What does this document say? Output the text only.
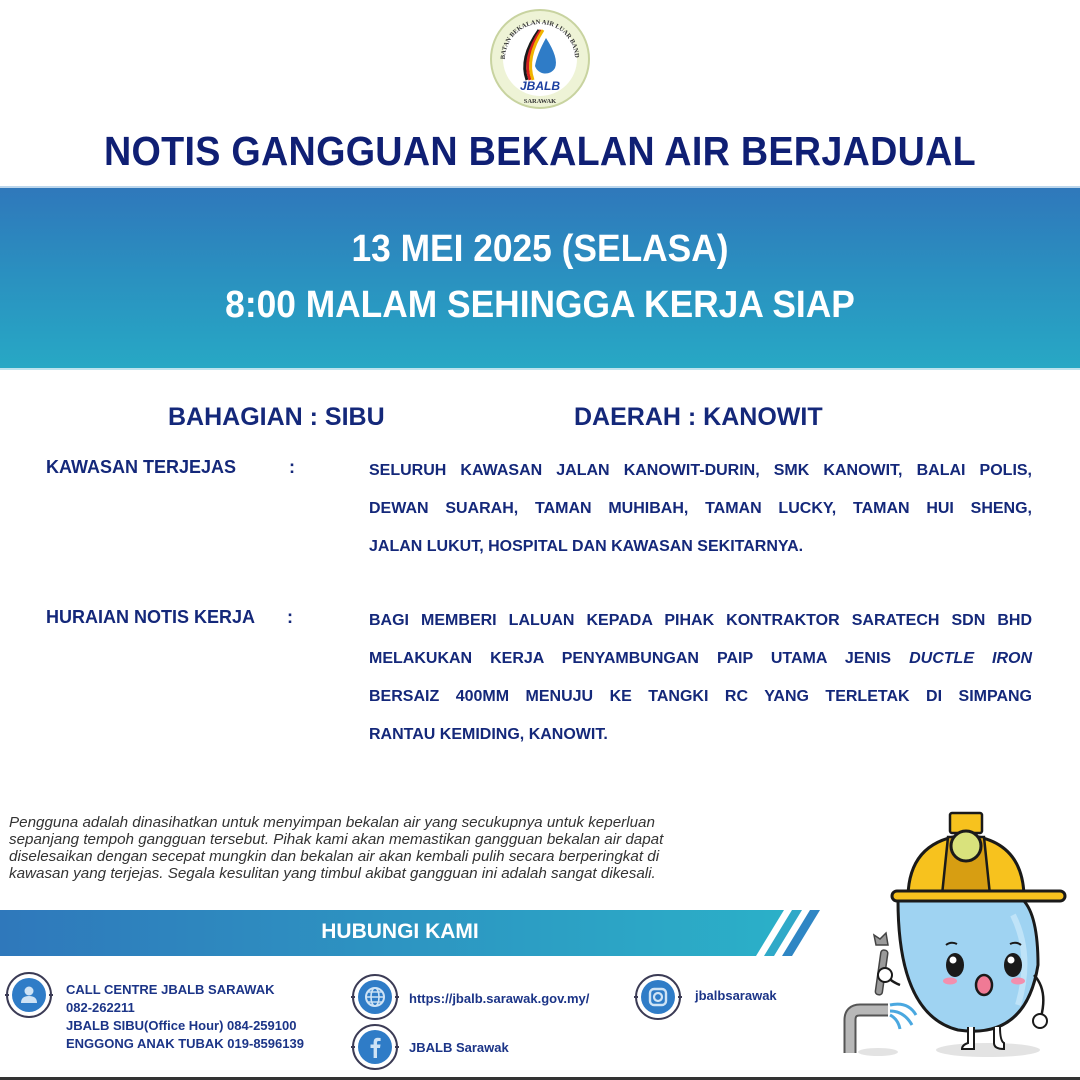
JBALB
BATAN BEKALAN AIR LUAR BAND
SARAWAK
NOTIS GANGGUAN BEKALAN AIR BERJADUAL
13 MEI 2025 (SELASA)
8:00 MALAM SEHINGGA KERJA SIAP
BAHAGIAN : SIBU	DAERAH : KANOWIT
KAWASAN TERJEJAS	:	SELURUH KAWASAN JALAN KANOWIT-DURIN, SMK KANOWIT, BALAI POLIS,
DEWAN SUARAH, TAMAN MUHIBAH, TAMAN LUCKY, TAMAN HUI SHENG,
JALAN LUKUT, HOSPITAL DAN KAWASAN SEKITARNYA.
HURAIAN NOTIS KERJA :	BAGI MEMBERI LALUAN KEPADA PIHAK KONTRAKTOR SARATECH SDN BHD
MELAKUKAN KERJA PENYAMBUNGAN PAIP UTAMA JENIS DUCTLE IRON
BERSAIZ 400MM MENUJU KE TANGKI RC YANG TERLETAK DI SIMPANG
RANTAU KEMIDING, KANOWIT.
Pengguna adalah dinasihatkan untuk menyimpan bekalan air yang secukupnya untuk keperluan
sepanjang tempoh gangguan tersebut. Pihak kami akan memastikan gangguan bekalan air dapat
diselesaikan dengan secepat mungkin dan bekalan air akan kembali pulih secara berperingkat di
kawasan yang terjejas. Segala kesulitan yang timbul akibat gangguan ini adalah sangat dikesali.
HUBUNGI KAMI
CALL CENTRE JBALB SARAWAK
082-262211
JBALB SIBU(Office Hour) 084-259100
ENGGONG ANAK TUBAK 019-8596139
https://jbalb.sarawak.gov.my/	jbalbsarawak
JBALB Sarawak
